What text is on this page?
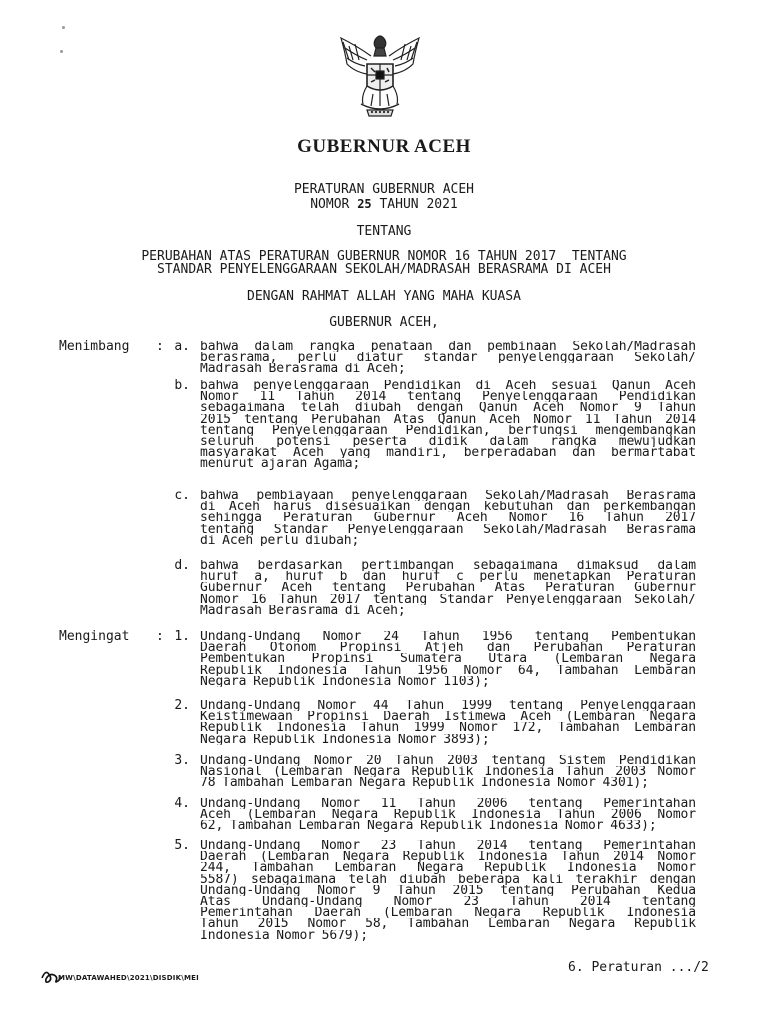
GUBERNUR ACEH
PERATURAN GUBERNUR ACEH
NOMOR 25 TAHUN 2021
TENTANG
PERUBAHAN ATAS PERATURAN GUBERNUR NOMOR 16 TAHUN 2017  TENTANG
STANDAR PENYELENGGARAAN SEKOLAH/MADRASAH BERASRAMA DI ACEH
DENGAN RAHMAT ALLAH YANG MAHA KUASA
GUBERNUR ACEH,
Menimbang : a. bahwa dalam rangka penataan dan pembinaan Sekolah/Madrasah
berasrama, perlu diatur standar penyelenggaraan Sekolah/
Madrasah Berasrama di Aceh;
b. bahwa penyelenggaraan Pendidikan di Aceh sesuai Qanun Aceh
Nomor 11 Tahun 2014 tentang Penyelenggaraan Pendidikan
sebagaimana telah diubah dengan Qanun Aceh Nomor 9 Tahun
2015 tentang Perubahan Atas Qanun Aceh Nomor 11 Tahun 2014
tentang Penyelenggaraan Pendidikan, berfungsi mengembangkan
seluruh potensi peserta didik dalam rangka mewujudkan
masyarakat Aceh yang mandiri, berperadaban dan bermartabat
menurut ajaran Agama;
c. bahwa pembiayaan penyelenggaraan Sekolah/Madrasah Berasrama
di Aceh harus disesuaikan dengan kebutuhan dan perkembangan
sehingga Peraturan Gubernur Aceh Nomor 16 Tahun 2017
tentang Standar Penyelenggaraan Sekolah/Madrasah Berasrama
di Aceh perlu diubah;
d. bahwa berdasarkan pertimbangan sebagaimana dimaksud dalam
huruf a, huruf b dan huruf c perlu menetapkan Peraturan
Gubernur Aceh tentang Perubahan Atas Peraturan Gubernur
Nomor 16 Tahun 2017 tentang Standar Penyelenggaraan Sekolah/
Madrasah Berasrama di Aceh;
Mengingat : 1. Undang-Undang Nomor 24 Tahun 1956 tentang Pembentukan
Daerah Otonom Propinsi Atjeh dan Perubahan Peraturan
Pembentukan Propinsi Sumatera Utara (Lembaran Negara
Republik Indonesia Tahun 1956 Nomor 64, Tambahan Lembaran
Negara Republik Indonesia Nomor 1103);
2. Undang-Undang Nomor 44 Tahun 1999 tentang Penyelenggaraan
Keistimewaan Propinsi Daerah Istimewa Aceh (Lembaran Negara
Republik Indonesia Tahun 1999 Nomor 172, Tambahan Lembaran
Negara Republik Indonesia Nomor 3893);
3. Undang-Undang Nomor 20 Tahun 2003 tentang Sistem Pendidikan
Nasional (Lembaran Negara Republik Indonesia Tahun 2003 Nomor
78 Tambahan Lembaran Negara Republik Indonesia Nomor 4301);
4. Undang-Undang Nomor 11 Tahun 2006 tentang Pemerintahan
Aceh (Lembaran Negara Republik Indonesia Tahun 2006 Nomor
62, Tambahan Lembaran Negara Republik Indonesia Nomor 4633);
5. Undang-Undang Nomor 23 Tahun 2014 tentang Pemerintahan
Daerah (Lembaran Negara Republik Indonesia Tahun 2014 Nomor
244, Tambahan Lembaran Negara Republik Indonesia Nomor
5587) sebagaimana telah diubah beberapa kali terakhir dengan
Undang-Undang Nomor 9 Tahun 2015 tentang Perubahan Kedua
Atas Undang-Undang Nomor 23 Tahun 2014 tentang
Pemerintahan Daerah (Lembaran Negara Republik Indonesia
Tahun 2015 Nomor 58, Tambahan Lembaran Negara Republik
Indonesia Nomor 5679);
6. Peraturan .../2
MW\DATAWAHED\2021\DISDIK\MEI
